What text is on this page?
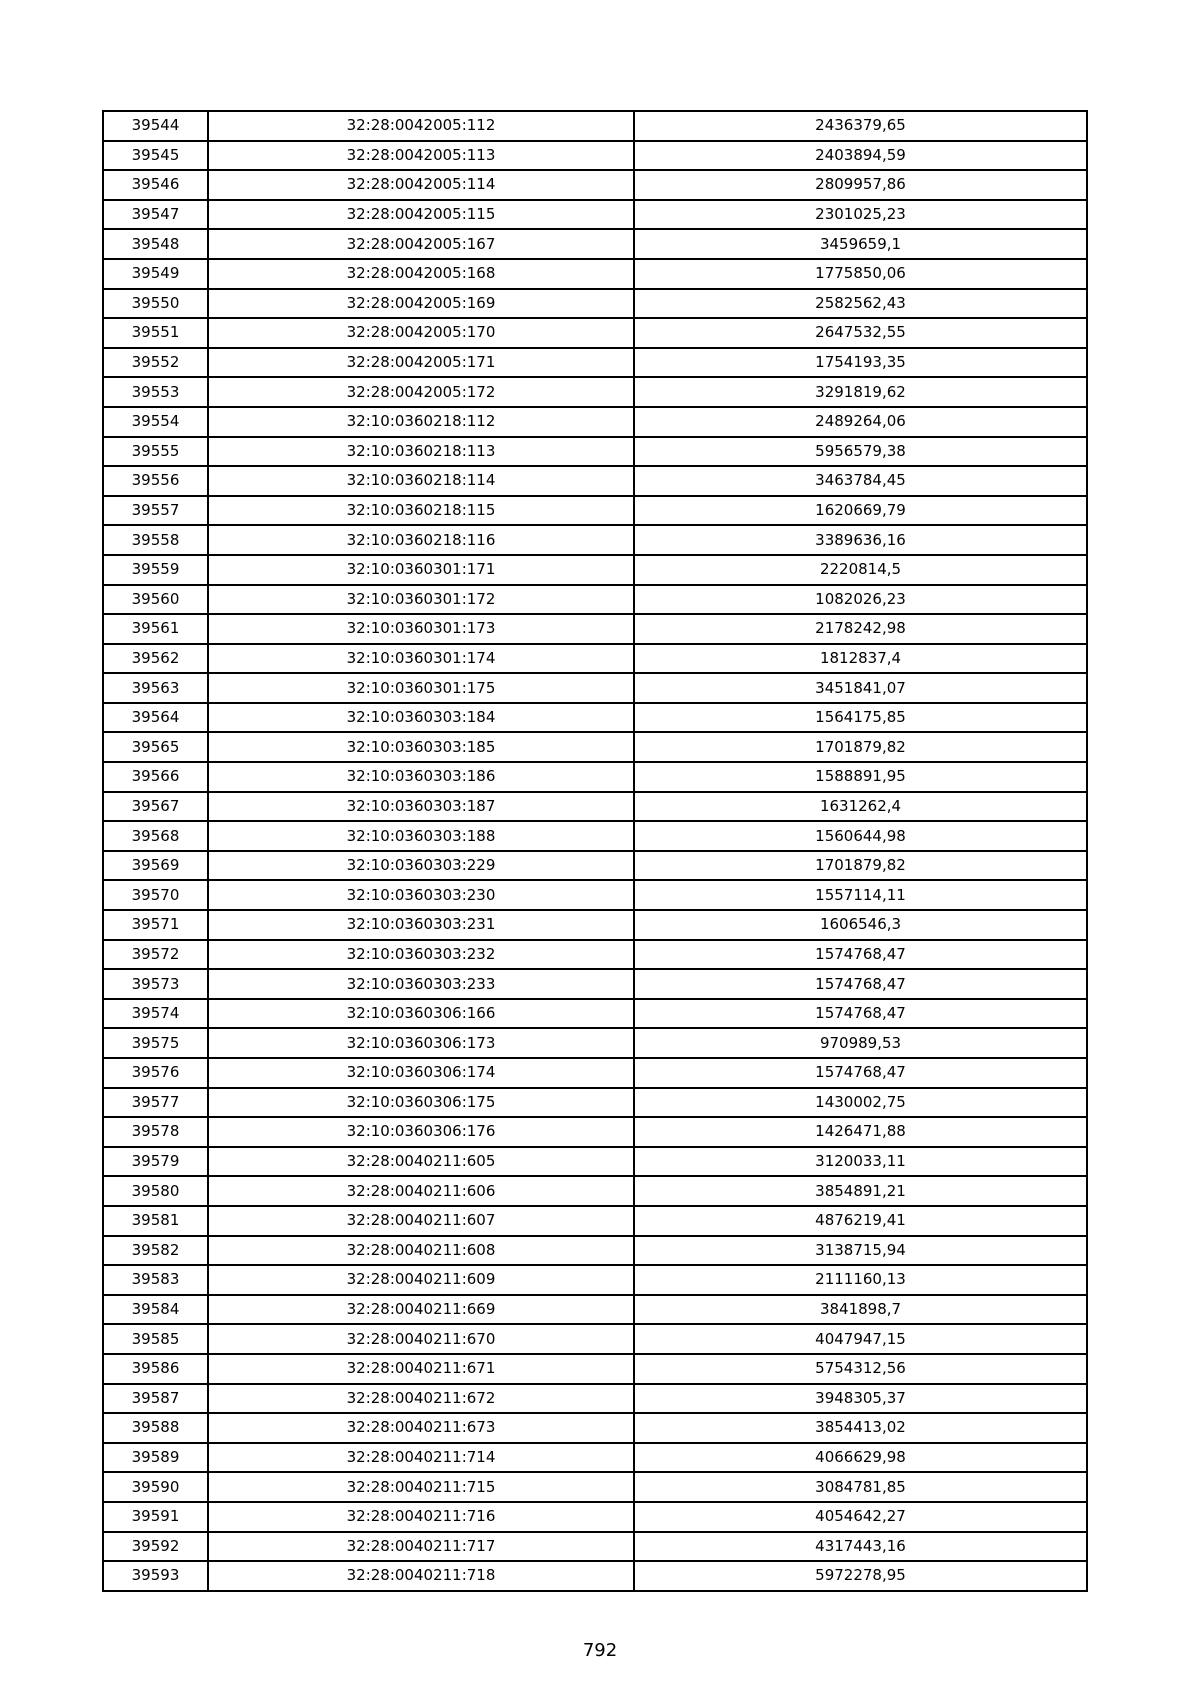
39544	32:28:0042005:112	2436379,65
39545	32:28:0042005:113	2403894,59
39546	32:28:0042005:114	2809957,86
39547	32:28:0042005:115	2301025,23
39548	32:28:0042005:167	3459659,1
39549	32:28:0042005:168	1775850,06
39550	32:28:0042005:169	2582562,43
39551	32:28:0042005:170	2647532,55
39552	32:28:0042005:171	1754193,35
39553	32:28:0042005:172	3291819,62
39554	32:10:0360218:112	2489264,06
39555	32:10:0360218:113	5956579,38
39556	32:10:0360218:114	3463784,45
39557	32:10:0360218:115	1620669,79
39558	32:10:0360218:116	3389636,16
39559	32:10:0360301:171	2220814,5
39560	32:10:0360301:172	1082026,23
39561	32:10:0360301:173	2178242,98
39562	32:10:0360301:174	1812837,4
39563	32:10:0360301:175	3451841,07
39564	32:10:0360303:184	1564175,85
39565	32:10:0360303:185	1701879,82
39566	32:10:0360303:186	1588891,95
39567	32:10:0360303:187	1631262,4
39568	32:10:0360303:188	1560644,98
39569	32:10:0360303:229	1701879,82
39570	32:10:0360303:230	1557114,11
39571	32:10:0360303:231	1606546,3
39572	32:10:0360303:232	1574768,47
39573	32:10:0360303:233	1574768,47
39574	32:10:0360306:166	1574768,47
39575	32:10:0360306:173	970989,53
39576	32:10:0360306:174	1574768,47
39577	32:10:0360306:175	1430002,75
39578	32:10:0360306:176	1426471,88
39579	32:28:0040211:605	3120033,11
39580	32:28:0040211:606	3854891,21
39581	32:28:0040211:607	4876219,41
39582	32:28:0040211:608	3138715,94
39583	32:28:0040211:609	2111160,13
39584	32:28:0040211:669	3841898,7
39585	32:28:0040211:670	4047947,15
39586	32:28:0040211:671	5754312,56
39587	32:28:0040211:672	3948305,37
39588	32:28:0040211:673	3854413,02
39589	32:28:0040211:714	4066629,98
39590	32:28:0040211:715	3084781,85
39591	32:28:0040211:716	4054642,27
39592	32:28:0040211:717	4317443,16
39593	32:28:0040211:718	5972278,95
792
